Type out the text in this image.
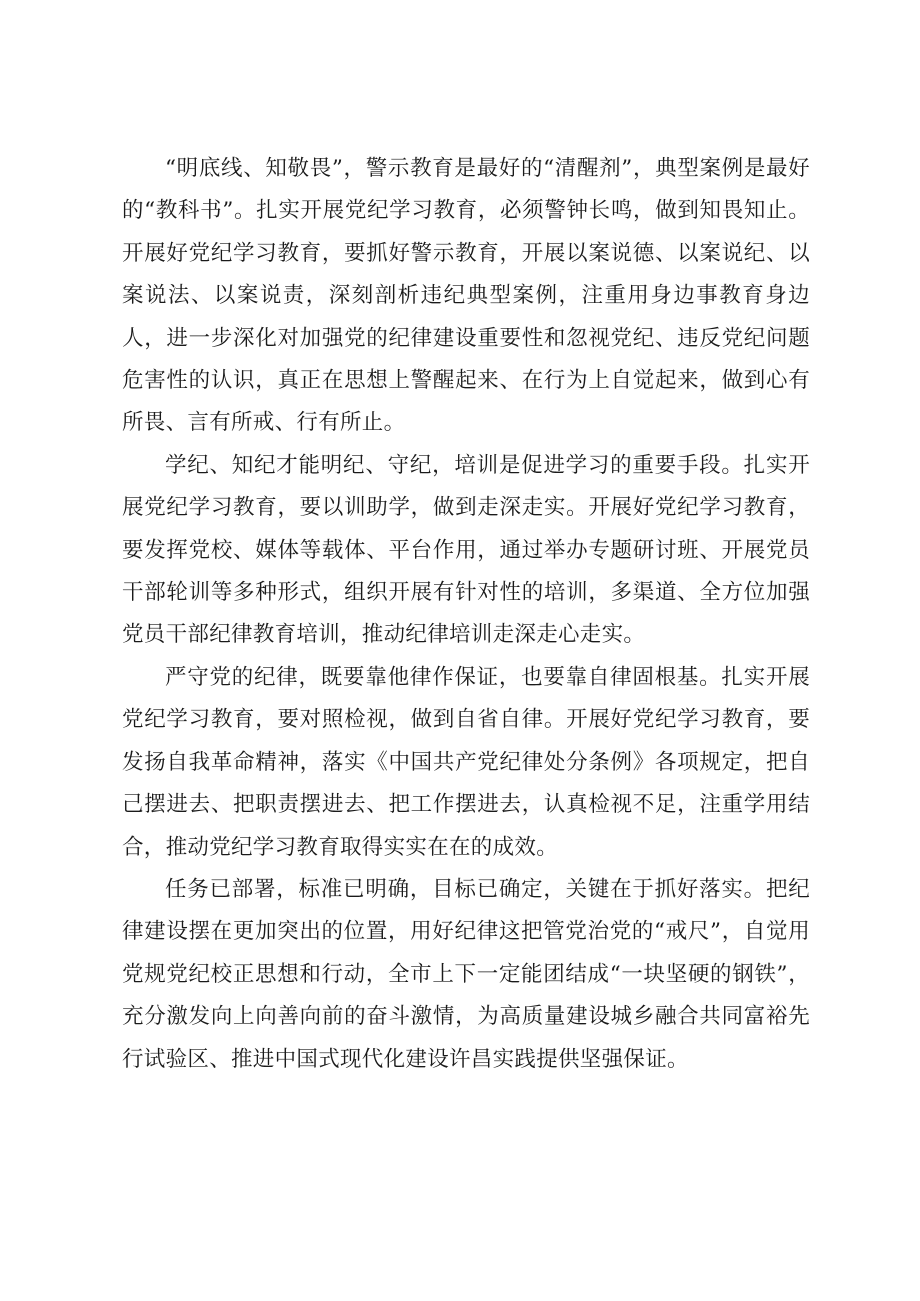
“明底线、知敬畏”，警示教育是最好的“清醒剂”，典型案例是最好的“教科书”。扎实开展党纪学习教育，必须警钟长鸣，做到知畏知止。开展好党纪学习教育，要抓好警示教育，开展以案说德、以案说纪、以案说法、以案说责，深刻剖析违纪典型案例，注重用身边事教育身边人，进一步深化对加强党的纪律建设重要性和忽视党纪、违反党纪问题危害性的认识，真正在思想上警醒起来、在行为上自觉起来，做到心有所畏、言有所戒、行有所止。

学纪、知纪才能明纪、守纪，培训是促进学习的重要手段。扎实开展党纪学习教育，要以训助学，做到走深走实。开展好党纪学习教育，要发挥党校、媒体等载体、平台作用，通过举办专题研讨班、开展党员干部轮训等多种形式，组织开展有针对性的培训，多渠道、全方位加强党员干部纪律教育培训，推动纪律培训走深走心走实。

严守党的纪律，既要靠他律作保证，也要靠自律固根基。扎实开展党纪学习教育，要对照检视，做到自省自律。开展好党纪学习教育，要发扬自我革命精神，落实《中国共产党纪律处分条例》各项规定，把自己摆进去、把职责摆进去、把工作摆进去，认真检视不足，注重学用结合，推动党纪学习教育取得实实在在的成效。

任务已部署，标准已明确，目标已确定，关键在于抓好落实。把纪律建设摆在更加突出的位置，用好纪律这把管党治党的“戒尺”，自觉用党规党纪校正思想和行动，全市上下一定能团结成“一块坚硬的钢铁”，充分激发向上向善向前的奋斗激情，为高质量建设城乡融合共同富裕先行试验区、推进中国式现代化建设许昌实践提供坚强保证。
